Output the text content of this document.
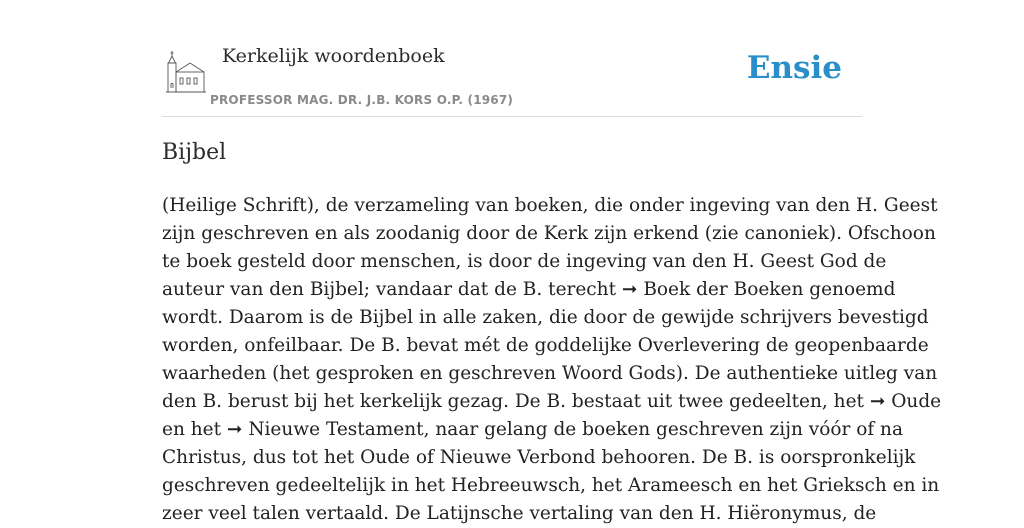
Kerkelijk woordenboek
PROFESSOR MAG. DR. J.B. KORS O.P. (1967)
Ensie
Bijbel
(Heilige Schrift), de verzameling van boeken, die onder ingeving van den H. Geest
zijn geschreven en als zoodanig door de Kerk zijn erkend (zie canoniek). Ofschoon
te boek gesteld door menschen, is door de ingeving van den H. Geest God de
auteur van den Bijbel; vandaar dat de B. terecht ➞ Boek der Boeken genoemd
wordt. Daarom is de Bijbel in alle zaken, die door de gewijde schrijvers bevestigd
worden, onfeilbaar. De B. bevat mét de goddelijke Overlevering de geopenbaarde
waarheden (het gesproken en geschreven Woord Gods). De authentieke uitleg van
den B. berust bij het kerkelijk gezag. De B. bestaat uit twee gedeelten, het ➞ Oude
en het ➞ Nieuwe Testament, naar gelang de boeken geschreven zijn vóór of na
Christus, dus tot het Oude of Nieuwe Verbond behooren. De B. is oorspronkelijk
geschreven gedeeltelijk in het Hebreeuwsch, het Arameesch en het Grieksch en in
zeer veel talen vertaald. De Latijnsche vertaling van den H. Hiëronymus, de
